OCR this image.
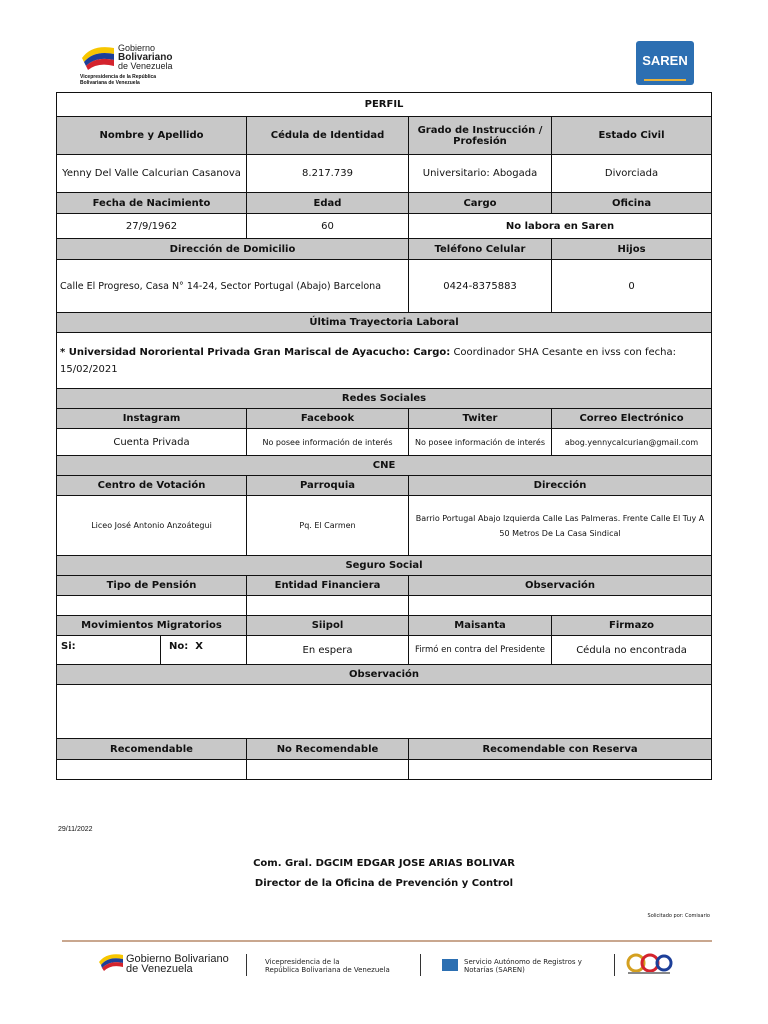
Gobierno
Bolivariano
de Venezuela
Vicepresidencia de la República
Bolivariana de Venezuela
SAREN
PERFIL			
Nombre y Apellido	Cédula de Identidad	Grado de Instrucción / Profesión	Estado Civil
Yenny Del Valle Calcurian Casanova	8.217.739	Universitario: Abogada	Divorciada
Fecha de Nacimiento	Edad	Cargo	Oficina
27/9/1962	60	No labora en Saren	
Dirección de Domicilio		Teléfono Celular	Hijos
Calle El Progreso, Casa N° 14-24, Sector Portugal (Abajo) Barcelona		0424-8375883	0
Última Trayectoria Laboral			
* Universidad Nororiental Privada Gran Mariscal de Ayacucho: Cargo: Coordinador SHA Cesante en ivss con fecha: 15/02/2021			
Redes Sociales			
Instagram	Facebook	Twiter	Correo Electrónico
Cuenta Privada	No posee información de interés	No posee información de interés	abog.yennycalcurian@gmail.com
CNE			
Centro de Votación	Parroquia	Dirección	
Liceo José Antonio Anzoátegui	Pq. El Carmen	Barrio Portugal Abajo Izquierda Calle Las Palmeras. Frente Calle El Tuy A 50 Metros De La Casa Sindical	
Seguro Social			
Tipo de Pensión	Entidad Financiera	Observación	

Movimientos Migratorios	Siipol	Maisanta	Firmazo

Si: No: X	En espera	Firmó en contra del Presidente	Cédula no encontrada
Observación			

Recomendable	No Recomendable	Recomendable con Reserva	

29/11/2022
Com. Gral. DGCIM EDGAR JOSE ARIAS BOLIVAR
Director de la Oficina de Prevención y Control
Solicitado por: Comisario
Gobierno Bolivariano
de Venezuela
Vicepresidencia de la
República Bolivariana de Venezuela
Servicio Autónomo de Registros y
Notarías (SAREN)
